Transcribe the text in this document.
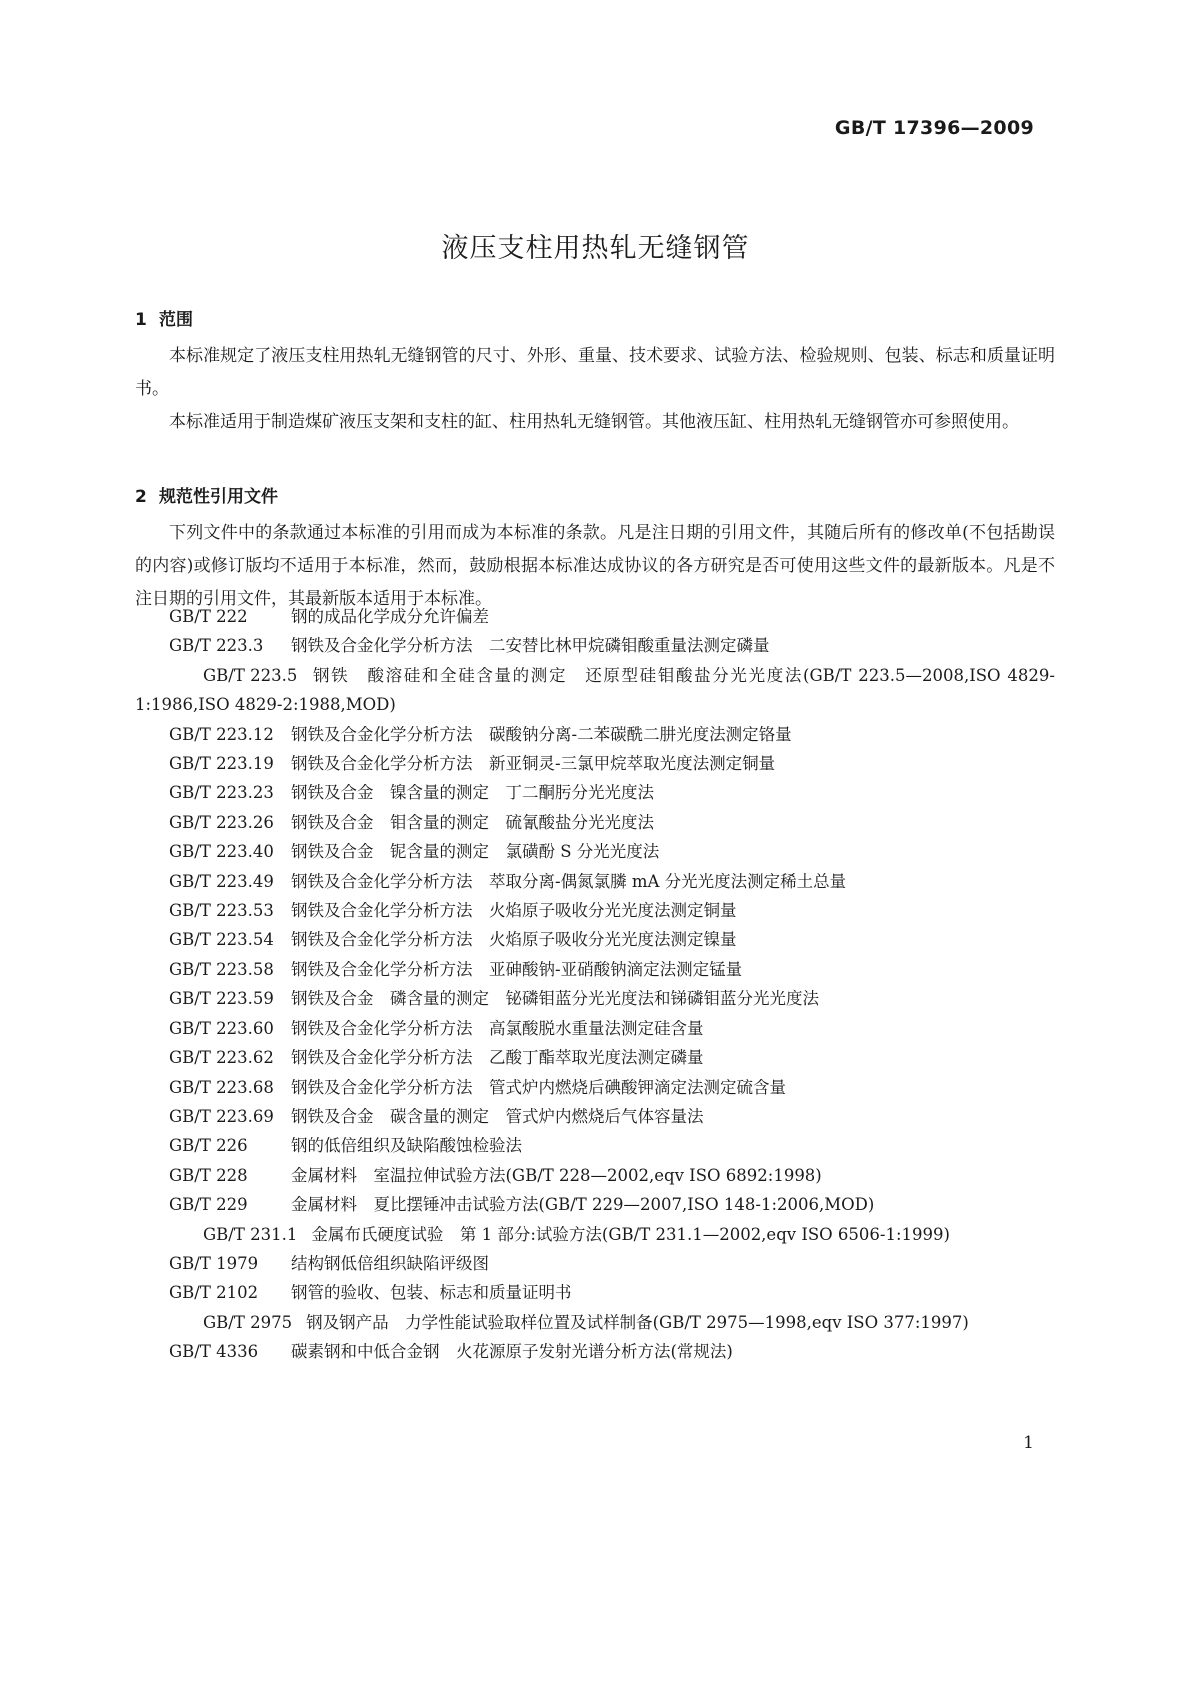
GB/T 17396—2009
液压支柱用热轧无缝钢管
1 范围
本标准规定了液压支柱用热轧无缝钢管的尺寸、外形、重量、技术要求、试验方法、检验规则、包装、标志和质量证明书。
本标准适用于制造煤矿液压支架和支柱的缸、柱用热轧无缝钢管。其他液压缸、柱用热轧无缝钢管亦可参照使用。
2 规范性引用文件
下列文件中的条款通过本标准的引用而成为本标准的条款。凡是注日期的引用文件，其随后所有的修改单(不包括勘误的内容)或修订版均不适用于本标准，然而，鼓励根据本标准达成协议的各方研究是否可使用这些文件的最新版本。凡是不注日期的引用文件，其最新版本适用于本标准。
GB/T 222	钢的成品化学成分允许偏差
GB/T 223.3 钢铁及合金化学分析方法　二安替比林甲烷磷钼酸重量法测定磷量
GB/T 223.5 钢铁　酸溶硅和全硅含量的测定　还原型硅钼酸盐分光光度法(GB/T 223.5—2008,ISO 4829-1:1986,ISO 4829-2:1988,MOD)
GB/T 223.12 钢铁及合金化学分析方法　碳酸钠分离-二苯碳酰二肼光度法测定铬量
GB/T 223.19 钢铁及合金化学分析方法　新亚铜灵-三氯甲烷萃取光度法测定铜量
GB/T 223.23 钢铁及合金　镍含量的测定　丁二酮肟分光光度法
GB/T 223.26 钢铁及合金　钼含量的测定　硫氰酸盐分光光度法
GB/T 223.40 钢铁及合金　铌含量的测定　氯磺酚 S 分光光度法
GB/T 223.49 钢铁及合金化学分析方法　萃取分离-偶氮氯膦 mA 分光光度法测定稀土总量
GB/T 223.53 钢铁及合金化学分析方法　火焰原子吸收分光光度法测定铜量
GB/T 223.54 钢铁及合金化学分析方法　火焰原子吸收分光光度法测定镍量
GB/T 223.58 钢铁及合金化学分析方法　亚砷酸钠-亚硝酸钠滴定法测定锰量
GB/T 223.59 钢铁及合金　磷含量的测定　铋磷钼蓝分光光度法和锑磷钼蓝分光光度法
GB/T 223.60 钢铁及合金化学分析方法　高氯酸脱水重量法测定硅含量
GB/T 223.62 钢铁及合金化学分析方法　乙酸丁酯萃取光度法测定磷量
GB/T 223.68 钢铁及合金化学分析方法　管式炉内燃烧后碘酸钾滴定法测定硫含量
GB/T 223.69 钢铁及合金　碳含量的测定　管式炉内燃烧后气体容量法
GB/T 226	钢的低倍组织及缺陷酸蚀检验法
GB/T 228	金属材料　室温拉伸试验方法(GB/T 228—2002,eqv ISO 6892:1998)
GB/T 229	金属材料　夏比摆锤冲击试验方法(GB/T 229—2007,ISO 148-1:2006,MOD)
GB/T 231.1 金属布氏硬度试验　第 1 部分:试验方法(GB/T 231.1—2002,eqv ISO 6506-1:1999)
GB/T 1979 结构钢低倍组织缺陷评级图
GB/T 2102 钢管的验收、包装、标志和质量证明书
GB/T 2975 钢及钢产品　力学性能试验取样位置及试样制备(GB/T 2975—1998,eqv ISO 377:1997)
GB/T 4336 碳素钢和中低合金钢　火花源原子发射光谱分析方法(常规法)
1
